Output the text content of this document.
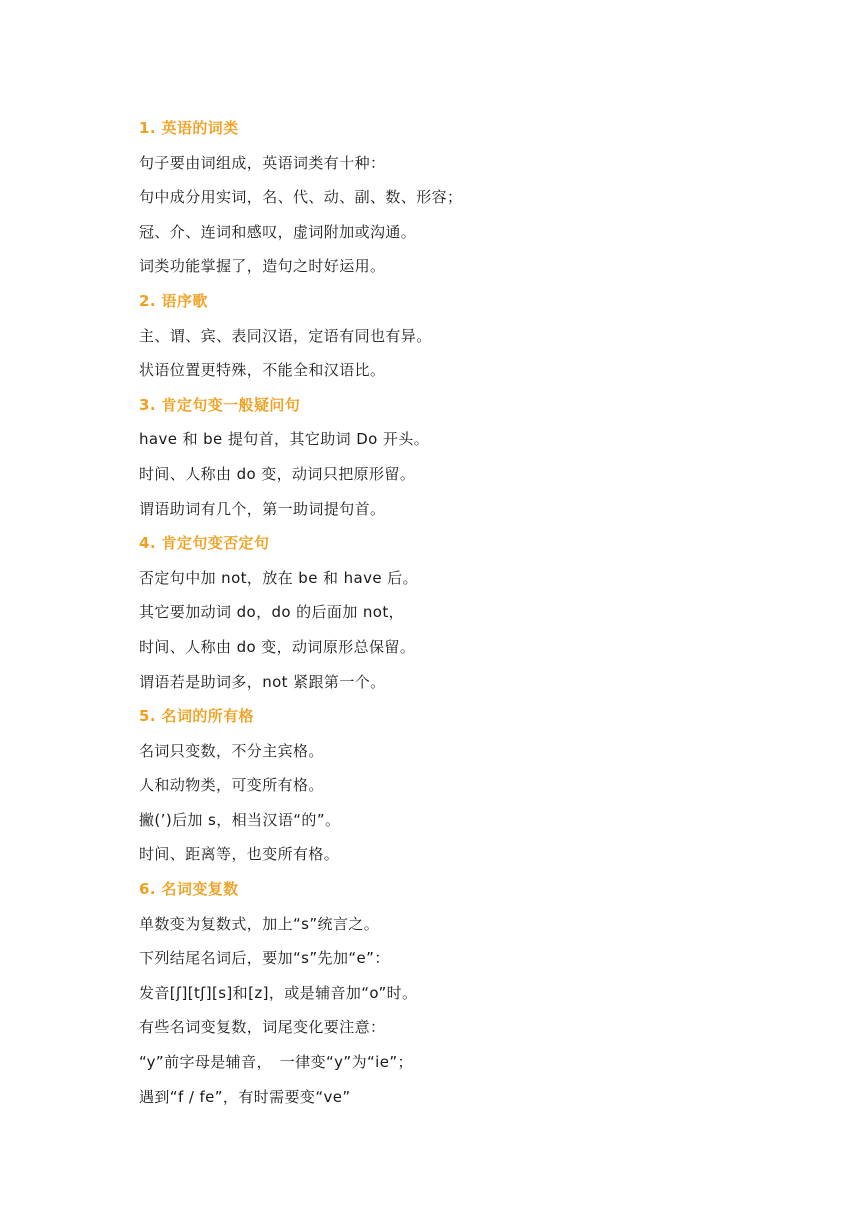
1. 英语的词类
句子要由词组成，英语词类有十种：
句中成分用实词，名、代、动、副、数、形容；
冠、介、连词和感叹，虚词附加或沟通。
词类功能掌握了，造句之时好运用。
2. 语序歌
主、谓、宾、表同汉语，定语有同也有异。
状语位置更特殊，不能全和汉语比。
3. 肯定句变一般疑问句
have 和 be 提句首，其它助词 Do 开头。
时间、人称由 do 变，动词只把原形留。
谓语助词有几个，第一助词提句首。
4. 肯定句变否定句
否定句中加 not，放在 be 和 have 后。
其它要加动词 do，do 的后面加 not，
时间、人称由 do 变，动词原形总保留。
谓语若是助词多，not 紧跟第一个。
5. 名词的所有格
名词只变数，不分主宾格。
人和动物类，可变所有格。
撇(’)后加 s，相当汉语“的”。
时间、距离等，也变所有格。
6. 名词变复数
单数变为复数式，加上“s”统言之。
下列结尾名词后，要加“s”先加“e”：
发音[ʃ][tʃ][s]和[z]，或是辅音加“o”时。
有些名词变复数，词尾变化要注意：
“y”前字母是辅音，　一律变“y”为“ie”；
遇到“f / fe”，有时需要变“ve”
